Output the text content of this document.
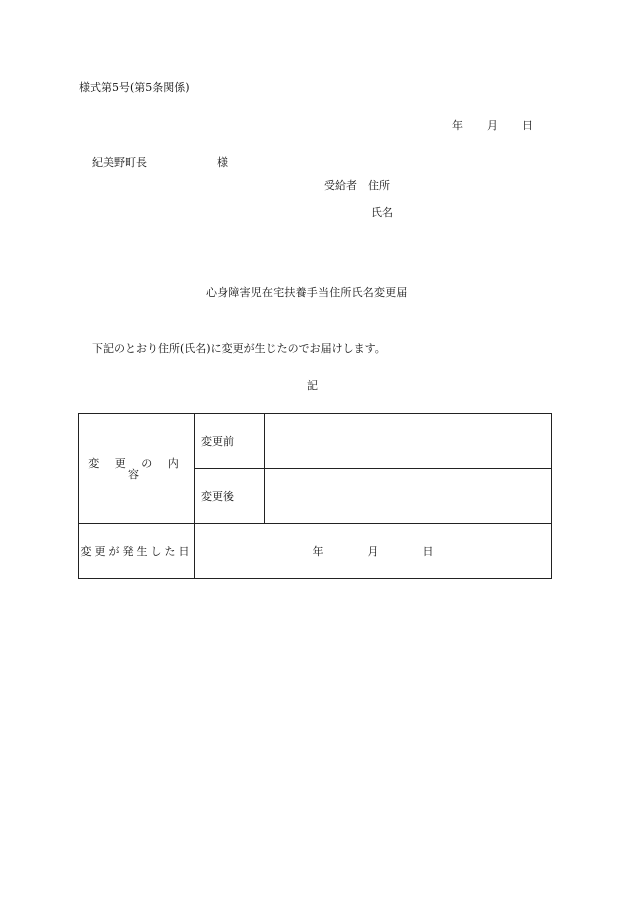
様式第5号(第5条関係)
年 月 日
紀美野町長	様
受給者 住所
氏名
心身障害児在宅扶養手当住所氏名変更届
下記のとおり住所(氏名)に変更が生じたのでお届けします。
記
変 更 の 内 容	変更前	
	変更後	
変更が発生した日	年 月 日	
